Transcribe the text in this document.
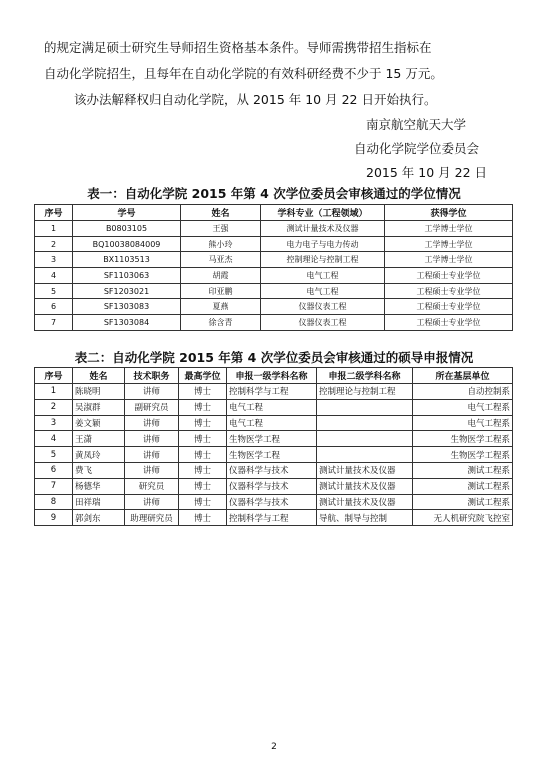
的规定满足硕士研究生导师招生资格基本条件。导师需携带招生指标在
自动化学院招生，且每年在自动化学院的有效科研经费不少于 15 万元。
该办法解释权归自动化学院，从 2015 年 10 月 22 日开始执行。
南京航空航天大学
自动化学院学位委员会
2015 年 10 月 22 日
表一：自动化学院 2015 年第 4 次学位委员会审核通过的学位情况
序号	学号	姓名	学科专业（工程领域）	获得学位
1	B0803105	王强	测试计量技术及仪器	工学博士学位
2	BQ10038084009	熊小玲	电力电子与电力传动	工学博士学位
3	BX1103513	马亚杰	控制理论与控制工程	工学博士学位
4	SF1103063	胡霞	电气工程	工程硕士专业学位
5	SF1203021	印亚鹏	电气工程	工程硕士专业学位
6	SF1303083	夏燕	仪器仪表工程	工程硕士专业学位
7	SF1303084	徐含青	仪器仪表工程	工程硕士专业学位
表二：自动化学院 2015 年第 4 次学位委员会审核通过的硕导申报情况
序号	姓名	技术职务	最高学位	申报一级学科名称	申报二级学科名称	所在基层单位
1	陈晓明	讲师	博士	控制科学与工程	控制理论与控制工程	自动控制系
2	吴淑群	副研究员	博士	电气工程		电气工程系
3	姜文颖	讲师	博士	电气工程		电气工程系
4	王潇	讲师	博士	生物医学工程		生物医学工程系
5	黄凤玲	讲师	博士	生物医学工程		生物医学工程系
6	费飞	讲师	博士	仪器科学与技术	测试计量技术及仪器	测试工程系
7	杨德华	研究员	博士	仪器科学与技术	测试计量技术及仪器	测试工程系
8	田祥瑞	讲师	博士	仪器科学与技术	测试计量技术及仪器	测试工程系
9	郭剑东	助理研究员	博士	控制科学与工程	导航、制导与控制	无人机研究院飞控室
2
